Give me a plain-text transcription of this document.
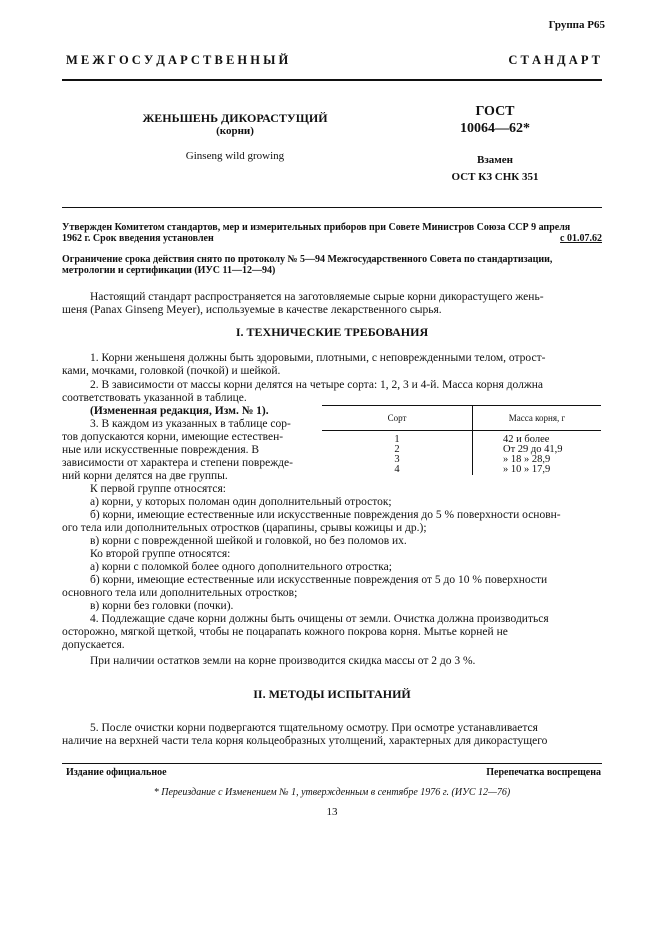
Группа Р65
М Е Ж Г О С У Д А Р С Т В Е Н Н Ы Й	С Т А Н Д А Р Т
ЖЕНЬШЕНЬ ДИКОРАСТУЩИЙ
(корни)
Ginseng wild growing
ГОСТ
10064—62*
Взамен
ОСТ КЗ СНК 351
Утвержден Комитетом стандартов, мер и измерительных приборов при Совете Министров Союза ССР 9 апреля
1962 г. Срок введения установлен	с 01.07.62
Ограничение срока действия снято по протоколу № 5—94 Межгосударственного Совета по стандартизации,
метрологии и сертификации (ИУС 11—12—94)
Настоящий стандарт распространяется на заготовляемые сырые корни дикорастущего жень-
шеня (Panax Ginseng Meyer), используемые в качестве лекарственного сырья.
I. ТЕХНИЧЕСКИЕ ТРЕБОВАНИЯ
1. Корни женьшеня должны быть здоровыми, плотными, с неповрежденными телом, отрост-
ками, мочками, головкой (почкой) и шейкой.
2. В зависимости от массы корни делятся на четыре сорта: 1, 2, 3 и 4-й. Масса корня должна
соответствовать указанной в таблице.
(Измененная редакция, Изм. № 1).
3. В каждом из указанных в таблице сор-
тов допускаются корни, имеющие естествен-
ные или искусственные повреждения. В
зависимости от характера и степени поврежде-
ний корни делятся на две группы.
Сорт	Масса корня, г
1	42 и более
2	От 29 до 41,9
3	» 18 » 28,9
4	» 10 » 17,9
К первой группе относятся:
а) корни, у которых поломан один дополнительный отросток;
б) корни, имеющие естественные или искусственные повреждения до 5 % поверхности основн-
ого тела или дополнительных отростков (царапины, срывы кожицы и др.);
в) корни с поврежденной шейкой и головкой, но без поломов их.
Ко второй группе относятся:
а) корни с поломкой более одного дополнительного отростка;
б) корни, имеющие естественные или искусственные повреждения от 5 до 10 % поверхности
основного тела или дополнительных отростков;
в) корни без головки (почки).
4. Подлежащие сдаче корни должны быть очищены от земли. Очистка должна производиться
осторожно, мягкой щеткой, чтобы не поцарапать кожного покрова корня. Мытье корней не
допускается.
При наличии остатков земли на корне производится скидка массы от 2 до 3 %.
II. МЕТОДЫ ИСПЫТАНИЙ
5. После очистки корни подвергаются тщательному осмотру. При осмотре устанавливается
наличие на верхней части тела корня кольцеобразных утолщений, характерных для дикорастущего
Издание официальное	Перепечатка воспрещена
* Переиздание с Изменением № 1, утвержденным в сентябре 1976 г. (ИУС 12—76)
13
